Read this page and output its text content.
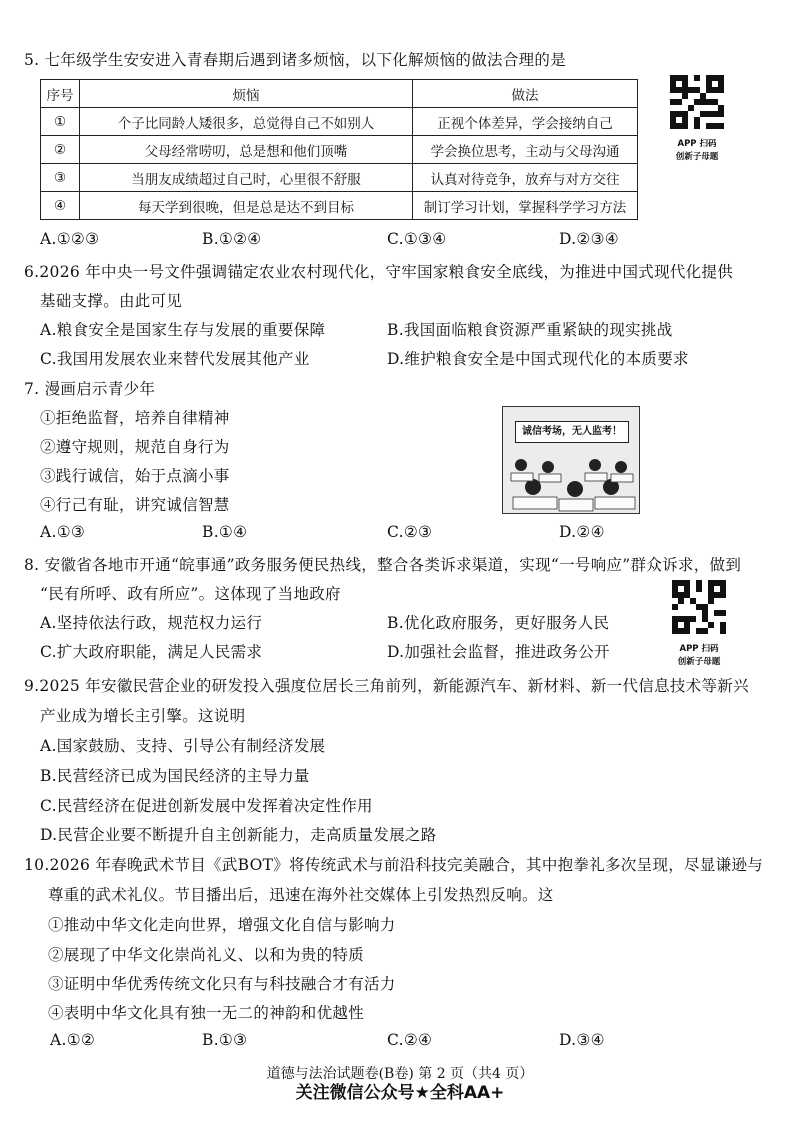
5. 七年级学生安安进入青春期后遇到诸多烦恼，以下化解烦恼的做法合理的是
序号	烦恼	做法
①	个子比同龄人矮很多，总觉得自己不如别人	正视个体差异，学会接纳自己
②	父母经常唠叨，总是想和他们顶嘴	学会换位思考，主动与父母沟通
③	当朋友成绩超过自己时，心里很不舒服	认真对待竞争，放弃与对方交往
④	每天学到很晚，但是总是达不到目标	制订学习计划，掌握科学学习方法
APP 扫码
创新子母题
A.①②③	B.①②④	C.①③④	D.②③④
6.2026 年中央一号文件强调锚定农业农村现代化，守牢国家粮食安全底线，为推进中国式现代化提供
基础支撑。由此可见
A.粮食安全是国家生存与发展的重要保障	B.我国面临粮食资源严重紧缺的现实挑战
C.我国用发展农业来替代发展其他产业	D.维护粮食安全是中国式现代化的本质要求
7. 漫画启示青少年
①拒绝监督，培养自律精神
②遵守规则，规范自身行为
③践行诚信，始于点滴小事
④行己有耻，讲究诚信智慧
诚信考场，无人监考！
A.①③	B.①④	C.②③	D.②④
8. 安徽省各地市开通“皖事通”政务服务便民热线，整合各类诉求渠道，实现“一号响应”群众诉求，做到
“民有所呼、政有所应”。这体现了当地政府
A.坚持依法行政，规范权力运行	B.优化政府服务，更好服务人民
C.扩大政府职能，满足人民需求	D.加强社会监督，推进政务公开	APP 扫码
创新子母题
9.2025 年安徽民营企业的研发投入强度位居长三角前列，新能源汽车、新材料、新一代信息技术等新兴
产业成为增长主引擎。这说明
A.国家鼓励、支持、引导公有制经济发展
B.民营经济已成为国民经济的主导力量
C.民营经济在促进创新发展中发挥着决定性作用
D.民营企业要不断提升自主创新能力，走高质量发展之路
10.2026 年春晚武术节目《武BOT》将传统武术与前沿科技完美融合，其中抱拳礼多次呈现，尽显谦逊与
尊重的武术礼仪。节目播出后，迅速在海外社交媒体上引发热烈反响。这
①推动中华文化走向世界，增强文化自信与影响力
②展现了中华文化崇尚礼义、以和为贵的特质
③证明中华优秀传统文化只有与科技融合才有活力
④表明中华文化具有独一无二的神韵和优越性
A.①②	B.①③	C.②④	D.③④
道德与法治试题卷(B卷) 第 2 页（共4 页）
关注微信公众号★全科AA+
